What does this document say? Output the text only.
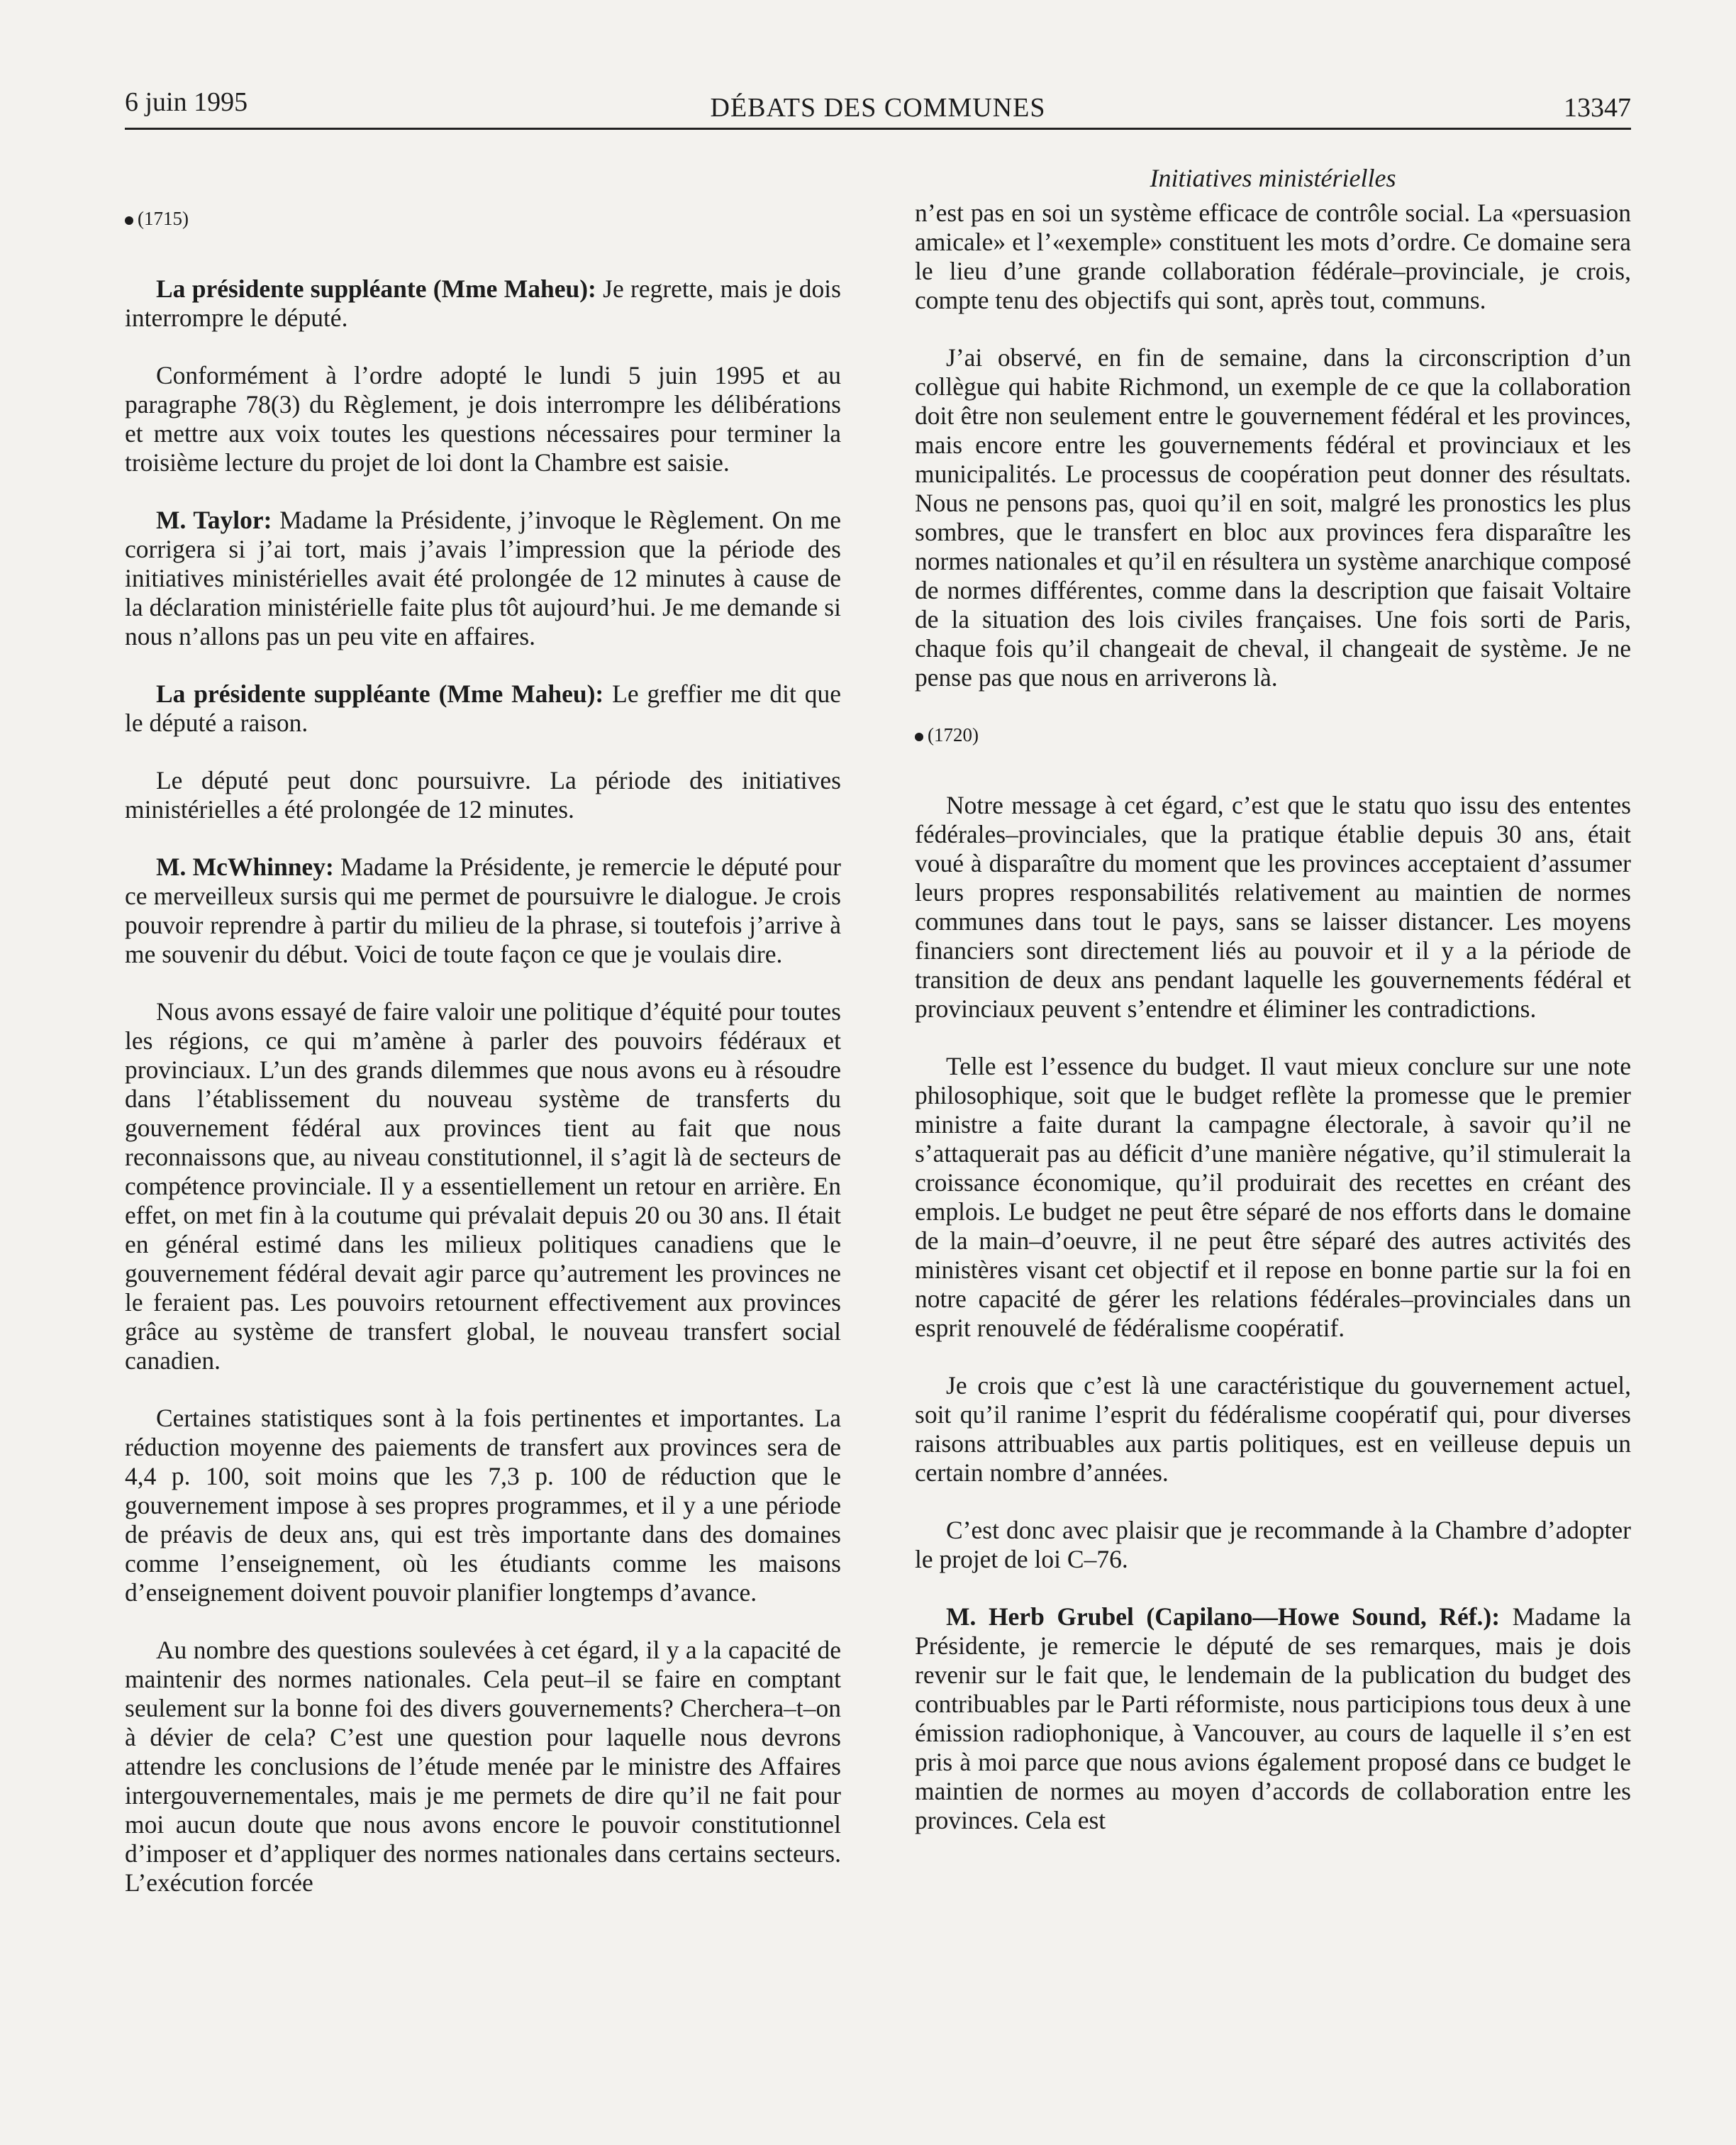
6 juin 1995	DÉBATS DES COMMUNES	13347
Initiatives ministérielles
(1715)

La présidente suppléante (Mme Maheu): Je regrette, mais je dois interrompre le député.

Conformément à l’ordre adopté le lundi 5 juin 1995 et au paragraphe 78(3) du Règlement, je dois interrompre les délibérations et mettre aux voix toutes les questions nécessaires pour terminer la troisième lecture du projet de loi dont la Chambre est saisie.

M. Taylor: Madame la Présidente, j’invoque le Règlement. On me corrigera si j’ai tort, mais j’avais l’impression que la période des initiatives ministérielles avait été prolongée de 12 minutes à cause de la déclaration ministérielle faite plus tôt aujourd’hui. Je me demande si nous n’allons pas un peu vite en affaires.

La présidente suppléante (Mme Maheu): Le greffier me dit que le député a raison.

Le député peut donc poursuivre. La période des initiatives ministérielles a été prolongée de 12 minutes.

M. McWhinney: Madame la Présidente, je remercie le député pour ce merveilleux sursis qui me permet de poursuivre le dialogue. Je crois pouvoir reprendre à partir du milieu de la phrase, si toutefois j’arrive à me souvenir du début. Voici de toute façon ce que je voulais dire.

Nous avons essayé de faire valoir une politique d’équité pour toutes les régions, ce qui m’amène à parler des pouvoirs fédéraux et provinciaux. L’un des grands dilemmes que nous avons eu à résoudre dans l’établissement du nouveau système de transferts du gouvernement fédéral aux provinces tient au fait que nous reconnaissons que, au niveau constitutionnel, il s’agit là de secteurs de compétence provinciale. Il y a essentiellement un retour en arrière. En effet, on met fin à la coutume qui prévalait depuis 20 ou 30 ans. Il était en général estimé dans les milieux politiques canadiens que le gouvernement fédéral devait agir parce qu’autrement les provinces ne le feraient pas. Les pouvoirs retournent effectivement aux provinces grâce au système de transfert global, le nouveau transfert social canadien.

Certaines statistiques sont à la fois pertinentes et importantes. La réduction moyenne des paiements de transfert aux provinces sera de 4,4 p. 100, soit moins que les 7,3 p. 100 de réduction que le gouvernement impose à ses propres programmes, et il y a une période de préavis de deux ans, qui est très importante dans des domaines comme l’enseignement, où les étudiants comme les maisons d’enseignement doivent pouvoir planifier longtemps d’avance.

Au nombre des questions soulevées à cet égard, il y a la capacité de maintenir des normes nationales. Cela peut–il se faire en comptant seulement sur la bonne foi des divers gouvernements? Cherchera–t–on à dévier de cela? C’est une question pour laquelle nous devrons attendre les conclusions de l’étude menée par le ministre des Affaires intergouvernementales, mais je me permets de dire qu’il ne fait pour moi aucun doute que nous avons encore le pouvoir constitutionnel d’imposer et d’appliquer des normes nationales dans certains secteurs. L’exécution forcée

n’est pas en soi un système efficace de contrôle social. La «persuasion amicale» et l’«exemple» constituent les mots d’ordre. Ce domaine sera le lieu d’une grande collaboration fédérale–provinciale, je crois, compte tenu des objectifs qui sont, après tout, communs.

J’ai observé, en fin de semaine, dans la circonscription d’un collègue qui habite Richmond, un exemple de ce que la collaboration doit être non seulement entre le gouvernement fédéral et les provinces, mais encore entre les gouvernements fédéral et provinciaux et les municipalités. Le processus de coopération peut donner des résultats. Nous ne pensons pas, quoi qu’il en soit, malgré les pronostics les plus sombres, que le transfert en bloc aux provinces fera disparaître les normes nationales et qu’il en résultera un système anarchique composé de normes différentes, comme dans la description que faisait Voltaire de la situation des lois civiles françaises. Une fois sorti de Paris, chaque fois qu’il changeait de cheval, il changeait de système. Je ne pense pas que nous en arriverons là.

(1720)

Notre message à cet égard, c’est que le statu quo issu des ententes fédérales–provinciales, que la pratique établie depuis 30 ans, était voué à disparaître du moment que les provinces acceptaient d’assumer leurs propres responsabilités relativement au maintien de normes communes dans tout le pays, sans se laisser distancer. Les moyens financiers sont directement liés au pouvoir et il y a la période de transition de deux ans pendant laquelle les gouvernements fédéral et provinciaux peuvent s’entendre et éliminer les contradictions.

Telle est l’essence du budget. Il vaut mieux conclure sur une note philosophique, soit que le budget reflète la promesse que le premier ministre a faite durant la campagne électorale, à savoir qu’il ne s’attaquerait pas au déficit d’une manière négative, qu’il stimulerait la croissance économique, qu’il produirait des recettes en créant des emplois. Le budget ne peut être séparé de nos efforts dans le domaine de la main–d’oeuvre, il ne peut être séparé des autres activités des ministères visant cet objectif et il repose en bonne partie sur la foi en notre capacité de gérer les relations fédérales–provinciales dans un esprit renouvelé de fédéralisme coopératif.

Je crois que c’est là une caractéristique du gouvernement actuel, soit qu’il ranime l’esprit du fédéralisme coopératif qui, pour diverses raisons attribuables aux partis politiques, est en veilleuse depuis un certain nombre d’années.

C’est donc avec plaisir que je recommande à la Chambre d’adopter le projet de loi C–76.

M. Herb Grubel (Capilano—Howe Sound, Réf.): Madame la Présidente, je remercie le député de ses remarques, mais je dois revenir sur le fait que, le lendemain de la publication du budget des contribuables par le Parti réformiste, nous participions tous deux à une émission radiophonique, à Vancouver, au cours de laquelle il s’en est pris à moi parce que nous avions également proposé dans ce budget le maintien de normes au moyen d’accords de collaboration entre les provinces. Cela est
